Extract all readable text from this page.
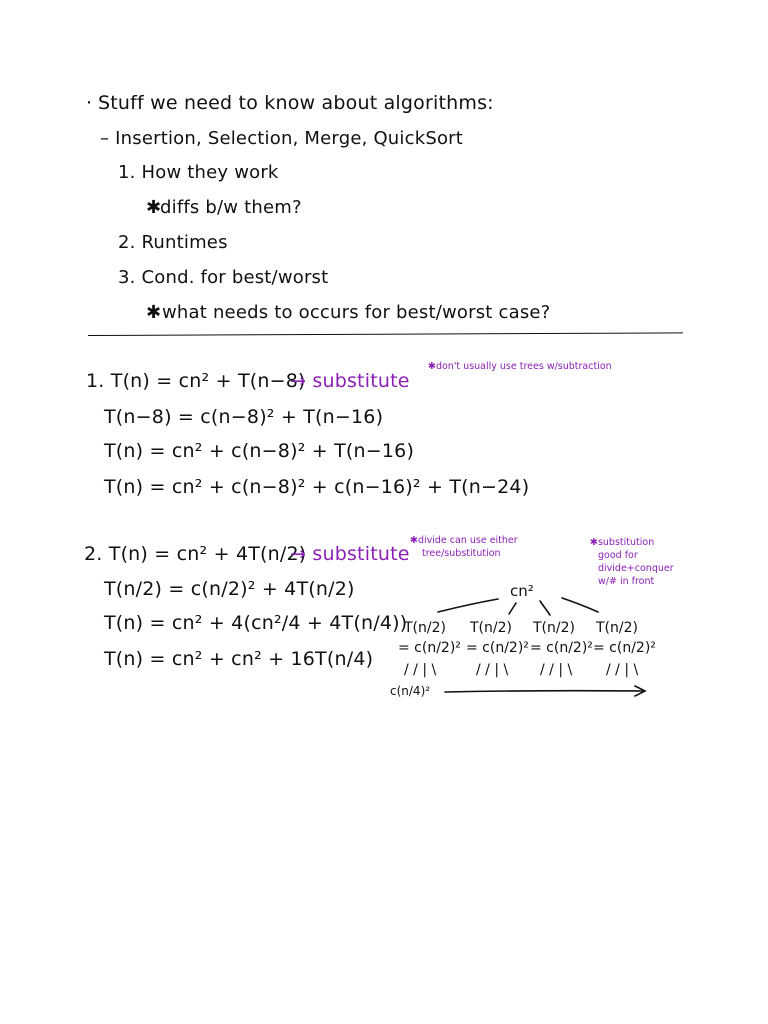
· Stuff we need to know about algorithms:
– Insertion, Selection, Merge, QuickSort
1. How they work
✱
diffs b/w them?
2. Runtimes
3. Cond. for best/worst
✱ what needs to occurs for best/worst case?
1. T(n) = cn² + T(n−8)
→ substitute
✱don't usually use trees w/subtraction
T(n−8) = c(n−8)² + T(n−16)
T(n) = cn² + c(n−8)² + T(n−16)
T(n) = cn² + c(n−8)² + c(n−16)² + T(n−24)
2. T(n) = cn² + 4T(n/2)
→ substitute
✱divide can use either
tree/substitution
✱substitution
good for
divide+conquer
w/# in front
T(n/2) = c(n/2)² + 4T(n/2)
T(n) = cn² + 4(cn²/4 + 4T(n/4))
T(n) = cn² + cn² + 16T(n/4)
cn²
T(n/2) T(n/2) T(n/2) T(n/2)
= c(n/2)² = c(n/2)² = c(n/2)² = c(n/2)²
/ / | \	/ / | \ / / | \ / / | \
c(n/4)²
